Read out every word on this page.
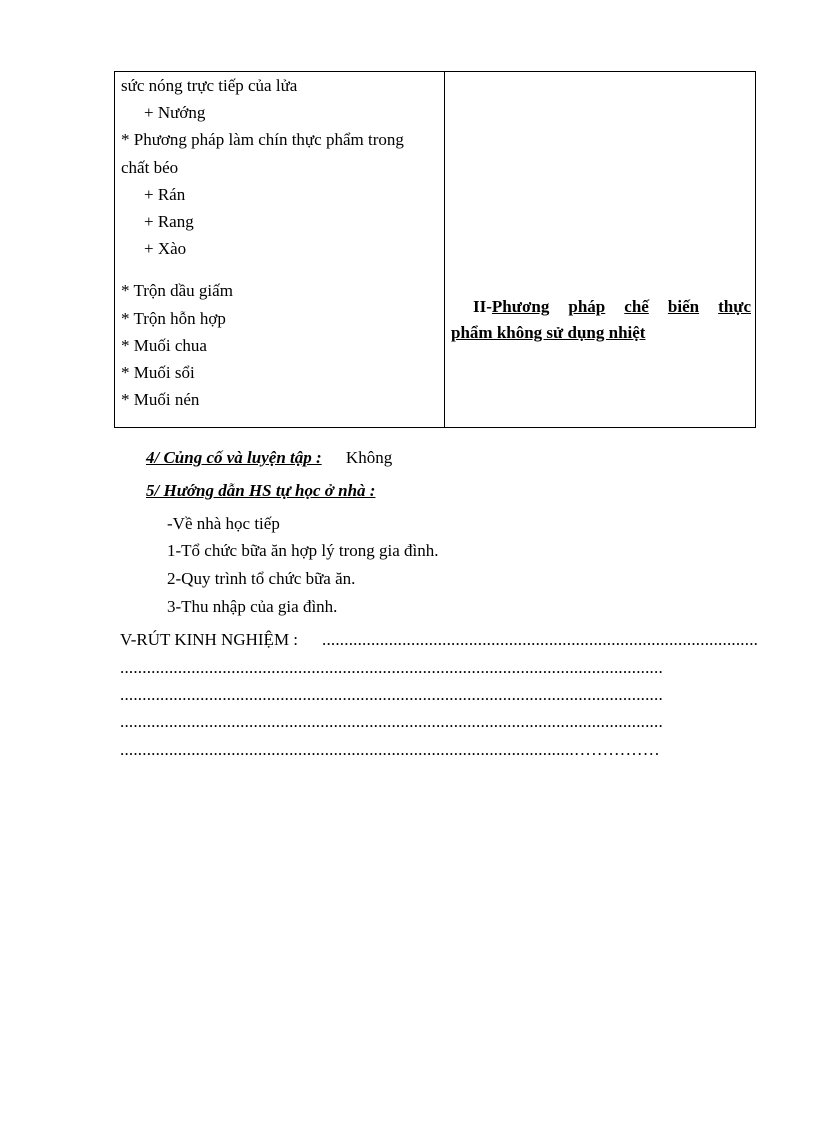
sức nóng trực tiếp của lửa
+ Nướng
* Phương pháp làm chín thực phẩm trong
chất béo
+ Rán
+ Rang
+ Xào
* Trộn dầu giấm
* Trộn hỗn hợp
* Muối chua
* Muối sổi
* Muối nén
II-Phương pháp chế biến thực
phẩm không sử dụng nhiệt
4/ Củng cố và luyện tập : Không
5/ Hướng dẫn HS tự học ở nhà :
-Về nhà học tiếp
1-Tổ chức bữa ăn hợp lý trong gia đình.
2-Quy trình tổ chức bữa ăn.
3-Thu nhập của gia đình.
V-RÚT KINH NGHIỆM : ..................................................................................................
..........................................................................................................................
..........................................................................................................................
..........................................................................................................................
......................................................................................................……………
